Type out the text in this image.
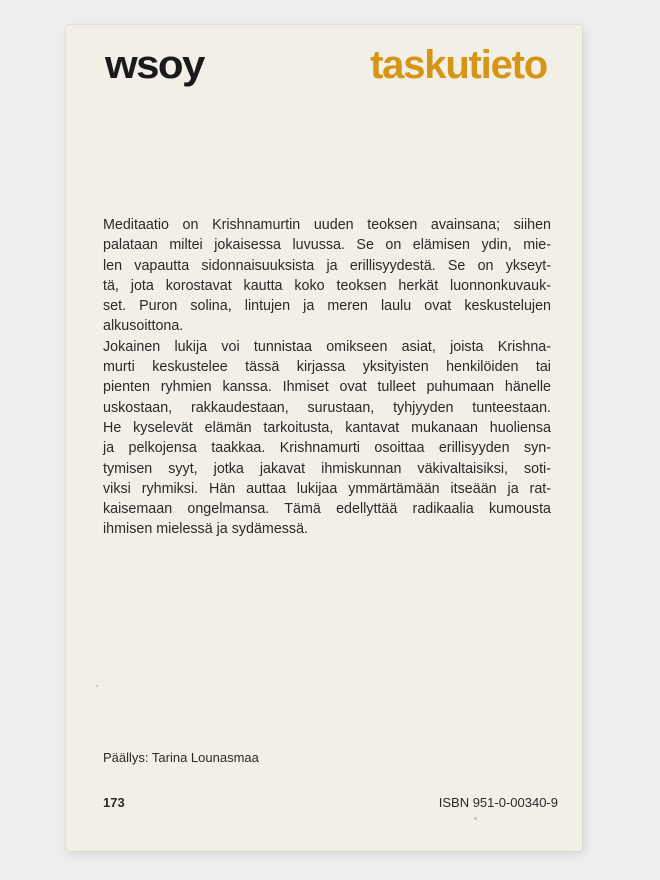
wsoy	taskutieto

Meditaatio on Krishnamurtin uuden teoksen avainsana; siihen
palataan miltei jokaisessa luvussa. Se on elämisen ydin, mie-
len vapautta sidonnaisuuksista ja erillisyydestä. Se on ykseyt-
tä, jota korostavat kautta koko teoksen herkät luonnonkuvauk-
set. Puron solina, lintujen ja meren laulu ovat keskustelujen
alkusoittona.

Jokainen lukija voi tunnistaa omikseen asiat, joista Krishna-
murti keskustelee tässä kirjassa yksityisten henkilöiden tai
pienten ryhmien kanssa. Ihmiset ovat tulleet puhumaan hänelle
uskostaan, rakkaudestaan, surustaan, tyhjyyden tunteestaan.
He kyselevät elämän tarkoitusta, kantavat mukanaan huoliensa
ja pelkojensa taakkaa. Krishnamurti osoittaa erillisyyden syn-
tymisen syyt, jotka jakavat ihmiskunnan väkivaltaisiksi, soti-
viksi ryhmiksi. Hän auttaa lukijaa ymmärtämään itseään ja rat-
kaisemaan ongelmansa. Tämä edellyttää radikaalia kumousta
ihmisen mielessä ja sydämessä.

Päällys: Tarina Lounasmaa
173	ISBN 951-0-00340-9
